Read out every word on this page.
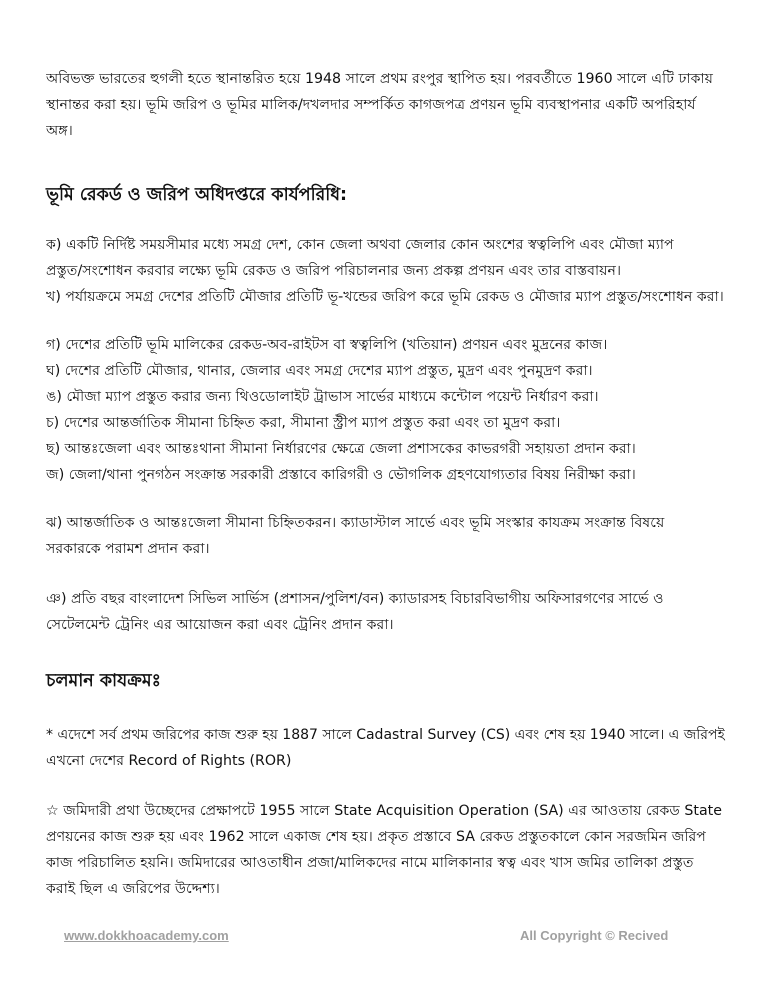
অবিভক্ত ভারতের হুগলী হতে স্থানান্তরিত হয়ে 1948 সালে প্রথম রংপুর স্থাপিত হয়। পরবর্তীতে 1960 সালে এটি ঢাকায়
স্থানান্তর করা হয়। ভূমি জরিপ ও ভূমির মালিক/দখলদার সম্পর্কিত কাগজপত্র প্রণয়ন ভূমি ব্যবস্থাপনার একটি অপরিহার্য
অঙ্গ।

ভূমি রেকর্ড ও জরিপ অধিদপ্তরে কার্যপরিধি:

ক) একটি নির্দিষ্ট সময়সীমার মধ্যে সমগ্র দেশ, কোন জেলা অথবা জেলার কোন অংশের স্বত্বলিপি এবং মৌজা ম্যাপ
প্রস্তুত/সংশোধন করবার লক্ষ্যে ভূমি রেকড ও জরিপ পরিচালনার জন্য প্রকল্প প্রণয়ন এবং তার বাস্তবায়ন।
খ) পর্যায়ক্রমে সমগ্র দেশের প্রতিটি মৌজার প্রতিটি ভূ-খন্ডের জরিপ করে ভূমি রেকড ও মৌজার ম্যাপ প্রস্তুত/সংশোধন করা।

গ) দেশের প্রতিটি ভূমি মালিকের রেকড-অব-রাইটস বা স্বত্বলিপি (খতিয়ান) প্রণয়ন এবং মুদ্রনের কাজ।
ঘ) দেশের প্রতিটি মৌজার, থানার, জেলার এবং সমগ্র দেশের ম্যাপ প্রস্তুত, মুদ্রণ এবং পুনমুদ্রণ করা।
ঙ) মৌজা ম্যাপ প্রস্তুত করার জন্য থিওডোলাইট ট্রাভাস সার্ভের মাধ্যমে কন্টোল পয়েন্ট নির্ধারণ করা।
চ) দেশের আন্তর্জাতিক সীমানা চিহ্নিত করা, সীমানা স্ট্রীপ ম্যাপ প্রস্তুত করা এবং তা মুদ্রণ করা।
ছ) আন্তঃজেলা এবং আন্তঃথানা সীমানা নির্ধারণের ক্ষেত্রে জেলা প্রশাসকের কাভরগরী সহায়তা প্রদান করা।
জ) জেলা/থানা পুনগঠন সংক্রান্ত সরকারী প্রস্তাবে কারিগরী ও ভৌগলিক গ্রহণযোগ্যতার বিষয় নিরীক্ষা করা।

ঝ) আন্তর্জাতিক ও আন্তঃজেলা সীমানা চিহ্নিতকরন। ক্যাডাস্টাল সার্ভে এবং ভূমি সংস্কার কাযক্রম সংক্রান্ত বিষয়ে
সরকারকে পরামশ প্রদান করা।

ঞ) প্রতি বছর বাংলাদেশ সিভিল সার্ভিস (প্রশাসন/পুলিশ/বন) ক্যাডারসহ বিচারবিভাগীয় অফিসারগণের সার্ভে ও
সেটেলমেন্ট ট্রেনিং এর আয়োজন করা এবং ট্রেনিং প্রদান করা।

চলমান কাযক্রমঃ

* এদেশে সর্ব প্রথম জরিপের কাজ শুরু হয় 1887 সালে Cadastral Survey (CS) এবং শেষ হয় 1940 সালে। এ জরিপই
এখনো দেশের Record of Rights (ROR)

☆ জমিদারী প্রথা উচ্ছেদের প্রেক্ষাপটে 1955 সালে State Acquisition Operation (SA) এর আওতায় রেকড State
প্রণয়নের কাজ শুরু হয় এবং 1962 সালে একাজ শেষ হয়। প্রকৃত প্রস্তাবে SA রেকড প্রস্তুতকালে কোন সরজমিন জরিপ
কাজ পরিচালিত হয়নি। জমিদারের আওতাধীন প্রজা/মালিকদের নামে মালিকানার স্বত্ব এবং খাস জমির তালিকা প্রস্তুত
করাই ছিল এ জরিপের উদ্দেশ্য।

www.dokkhoacademy.com	All Copyright © Recived
